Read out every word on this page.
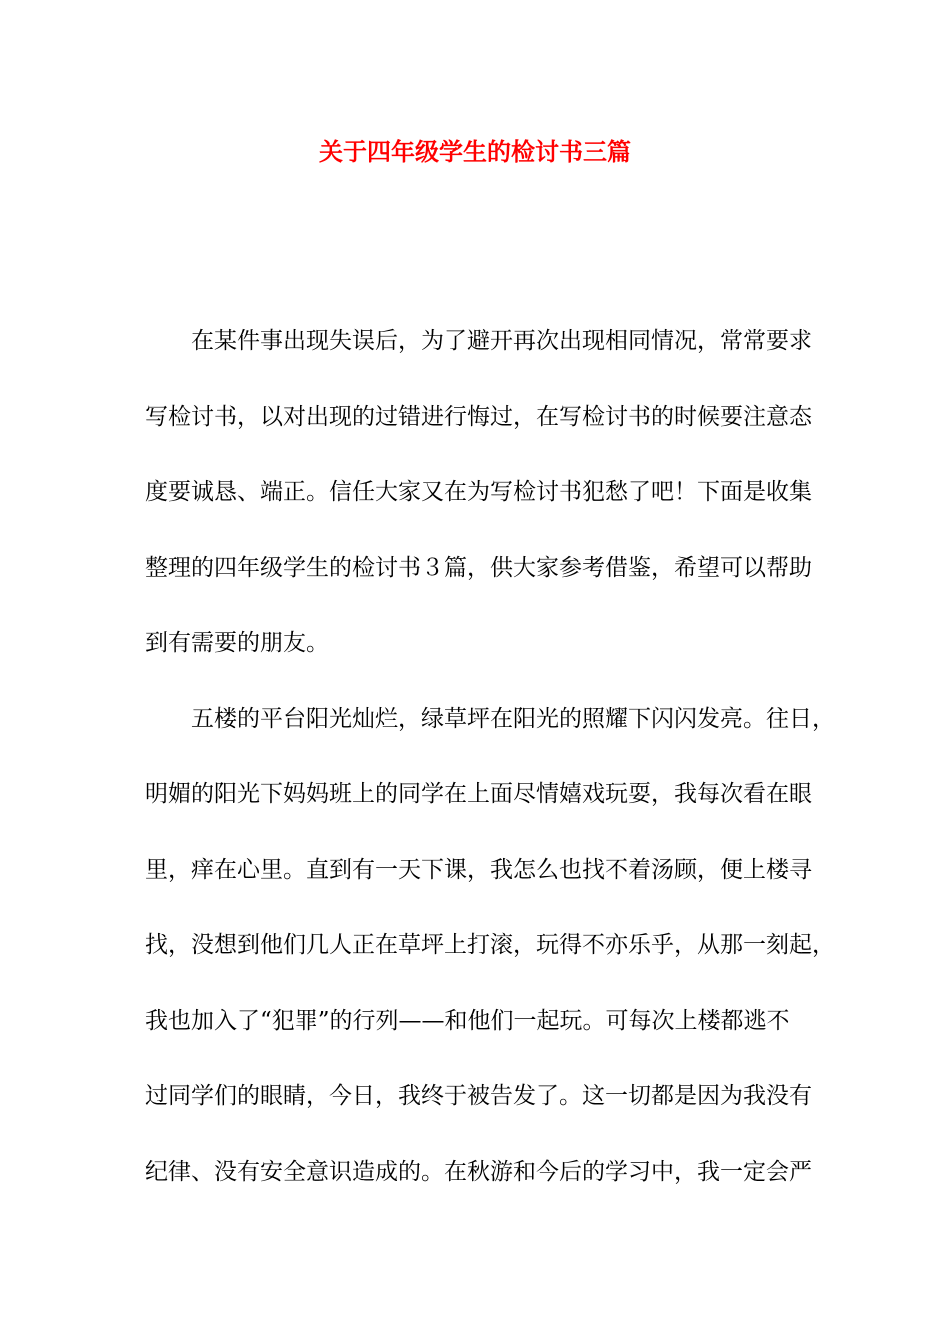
关于四年级学生的检讨书三篇
在某件事出现失误后，为了避开再次出现相同情况，常常要求
写检讨书，以对出现的过错进行悔过，在写检讨书的时候要注意态
度要诚恳、端正。信任大家又在为写检讨书犯愁了吧！下面是收集
整理的四年级学生的检讨书３篇，供大家参考借鉴，希望可以帮助
到有需要的朋友。
五楼的平台阳光灿烂，绿草坪在阳光的照耀下闪闪发亮。往日，
明媚的阳光下妈妈班上的同学在上面尽情嬉戏玩耍，我每次看在眼
里，痒在心里。直到有一天下课，我怎么也找不着汤顾，便上楼寻
找，没想到他们几人正在草坪上打滚，玩得不亦乐乎，从那一刻起，
我也加入了“犯罪”的行列——和他们一起玩。可每次上楼都逃不
过同学们的眼睛，今日，我终于被告发了。这一切都是因为我没有
纪律、没有安全意识造成的。在秋游和今后的学习中，我一定会严
